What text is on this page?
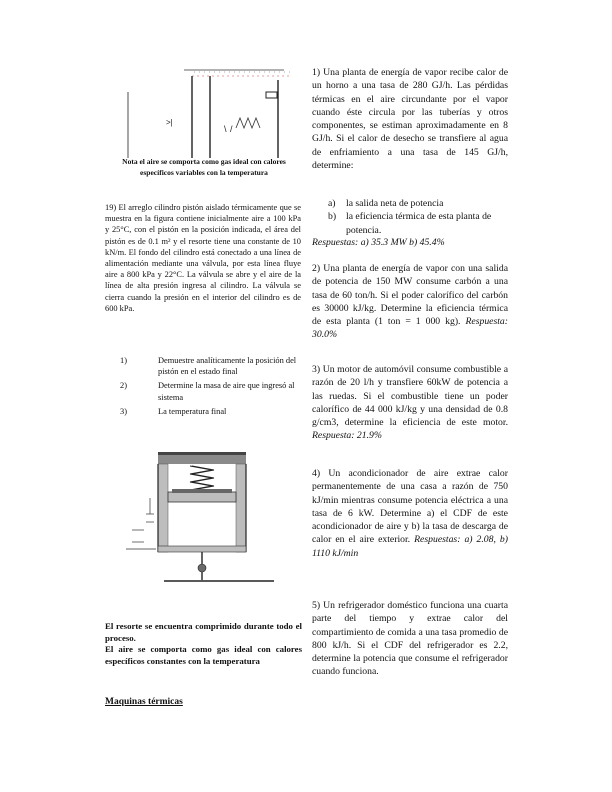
>|
\ /
Nota el aire se comporta como gas ideal con calores
específicos variables con la temperatura
19) El arreglo cilindro pistón aislado térmicamente que se muestra en la figura contiene inicialmente aire a 100 kPa y 25°C, con el pistón en la posición indicada, el área del pistón es de 0.1 m² y el resorte tiene una constante de 10 kN/m. El fondo del cilindro está conectado a una línea de alimentación mediante una válvula, por esta línea fluye aire a 800 kPa y 22°C. La válvula se abre y el aire de la línea de alta presión ingresa al cilindro. La válvula se cierra cuando la presión en el interior del cilindro es de 600 kPa.
1)	Demuestre analíticamente la posición del pistón en el estado final
2)	Determine la masa de aire que ingresó al sistema
3)	La temperatura final
El resorte se encuentra comprimido durante todo el proceso.
El aire se comporta como gas ideal con calores específicos constantes con la temperatura
Maquinas térmicas
1) Una planta de energía de vapor recibe calor de un horno a una tasa de 280 GJ/h. Las pérdidas térmicas en el aire circundante por el vapor cuando éste circula por las tuberías y otros componentes, se estiman aproximadamente en 8 GJ/h. Si el calor de desecho se transfiere al agua de enfriamiento a una tasa de 145 GJ/h, determine:
a) la salida neta de potencia
b) la eficiencia térmica de esta planta de potencia.
Respuestas: a) 35.3 MW b) 45.4%
2) Una planta de energía de vapor con una salida de potencia de 150 MW consume carbón a una tasa de 60 ton/h. Si el poder calorífico del carbón es 30000 kJ/kg. Determine la eficiencia térmica de esta planta (1 ton = 1 000 kg). Respuesta: 30.0%
3) Un motor de automóvil consume combustible a razón de 20 l/h y transfiere 60kW de potencia a las ruedas. Si el combustible tiene un poder calorífico de 44 000 kJ/kg y una densidad de 0.8 g/cm3, determine la eficiencia de este motor. Respuesta: 21.9%
4) Un acondicionador de aire extrae calor permanentemente de una casa a razón de 750 kJ/min mientras consume potencia eléctrica a una tasa de 6 kW. Determine a) el CDF de este acondicionador de aire y b) la tasa de descarga de calor en el aire exterior. Respuestas: a) 2.08, b) 1110 kJ/min
5) Un refrigerador doméstico funciona una cuarta parte del tiempo y extrae calor del compartimiento de comida a una tasa promedio de 800 kJ/h. Si el CDF del refrigerador es 2.2, determine la potencia que consume el refrigerador cuando funciona.
